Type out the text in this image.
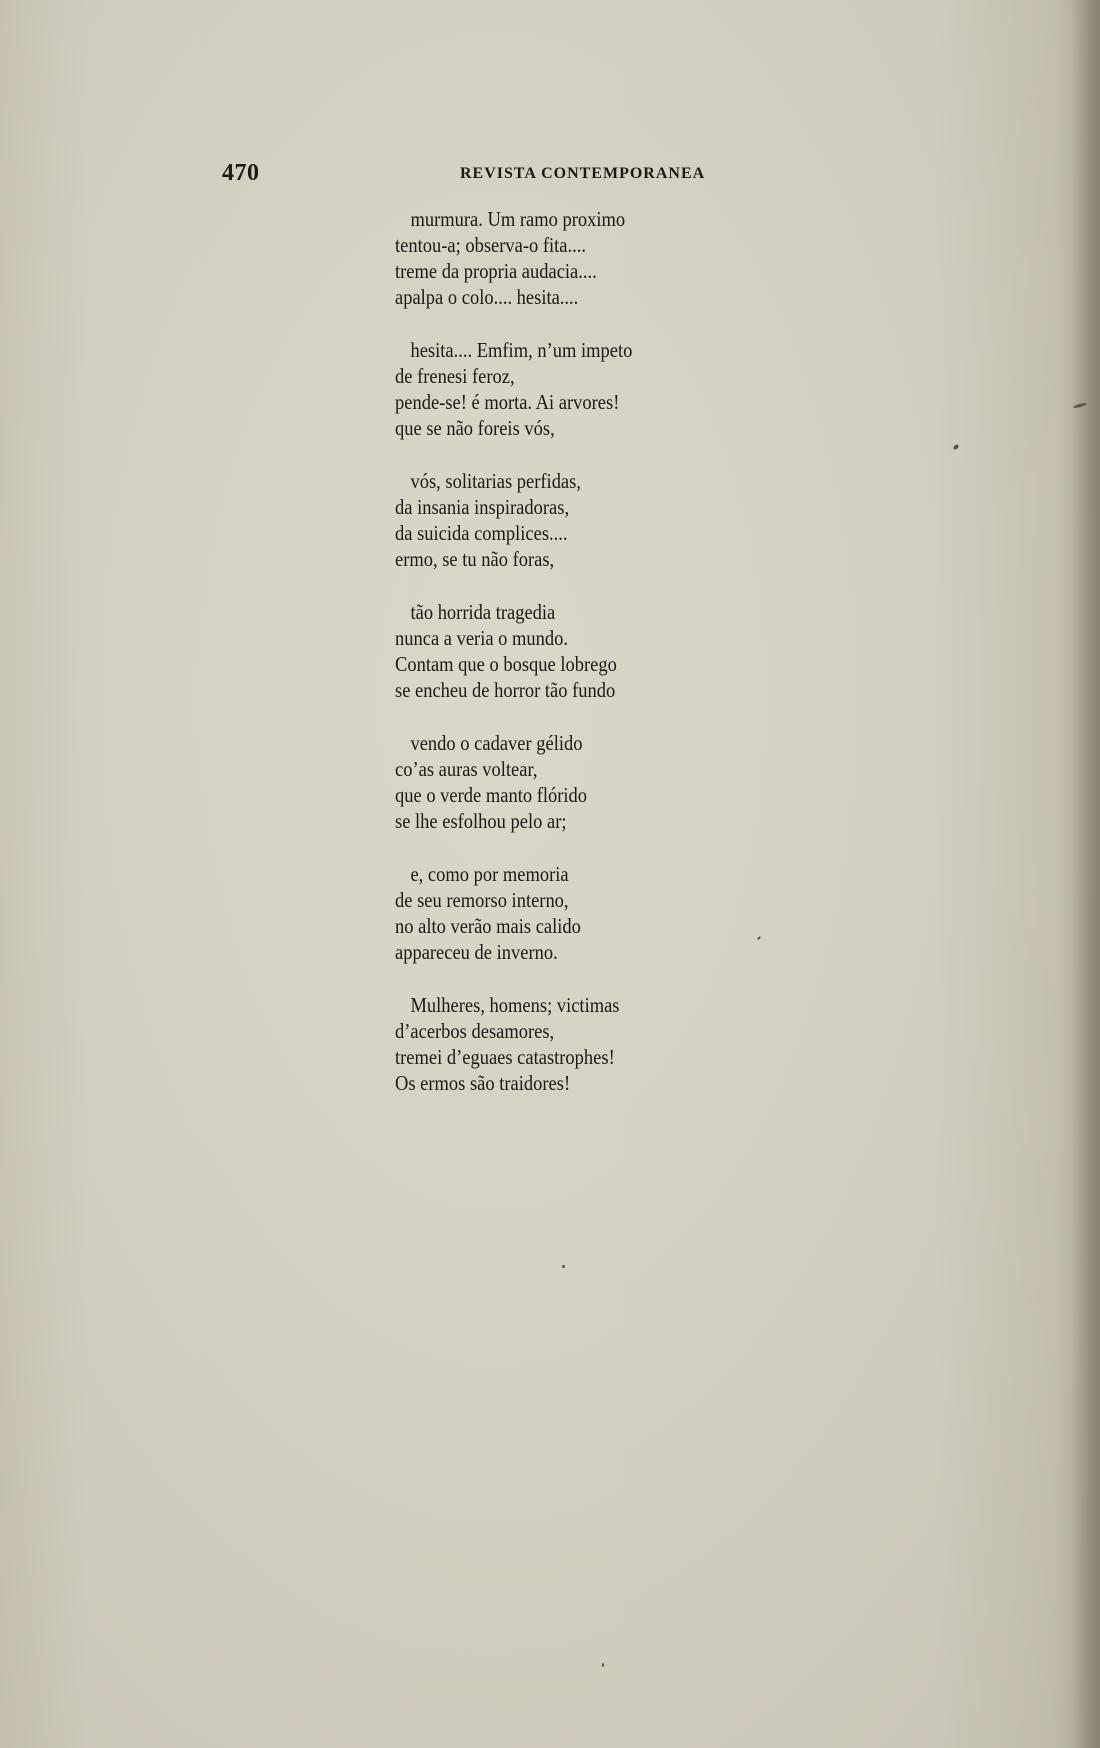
470	REVISTA CONTEMPORANEA
murmura. Um ramo proximo
tentou-a; observa-o fita....
treme da propria audacia....
apalpa o colo.... hesita....
hesita.... Emfim, n’um impeto
de frenesi feroz,
pende-se! é morta. Ai arvores!
que se não foreis vós,
vós, solitarias perfidas,
da insania inspiradoras,
da suicida complices....
ermo, se tu não foras,
tão horrida tragedia
nunca a veria o mundo.
Contam que o bosque lobrego
se encheu de horror tão fundo
vendo o cadaver gélido
co’as auras voltear,
que o verde manto flórido
se lhe esfolhou pelo ar;
e, como por memoria
de seu remorso interno,
no alto verão mais calido
appareceu de inverno.
Mulheres, homens; victimas
d’acerbos desamores,
tremei d’eguaes catastrophes!
Os ermos são traidores!
